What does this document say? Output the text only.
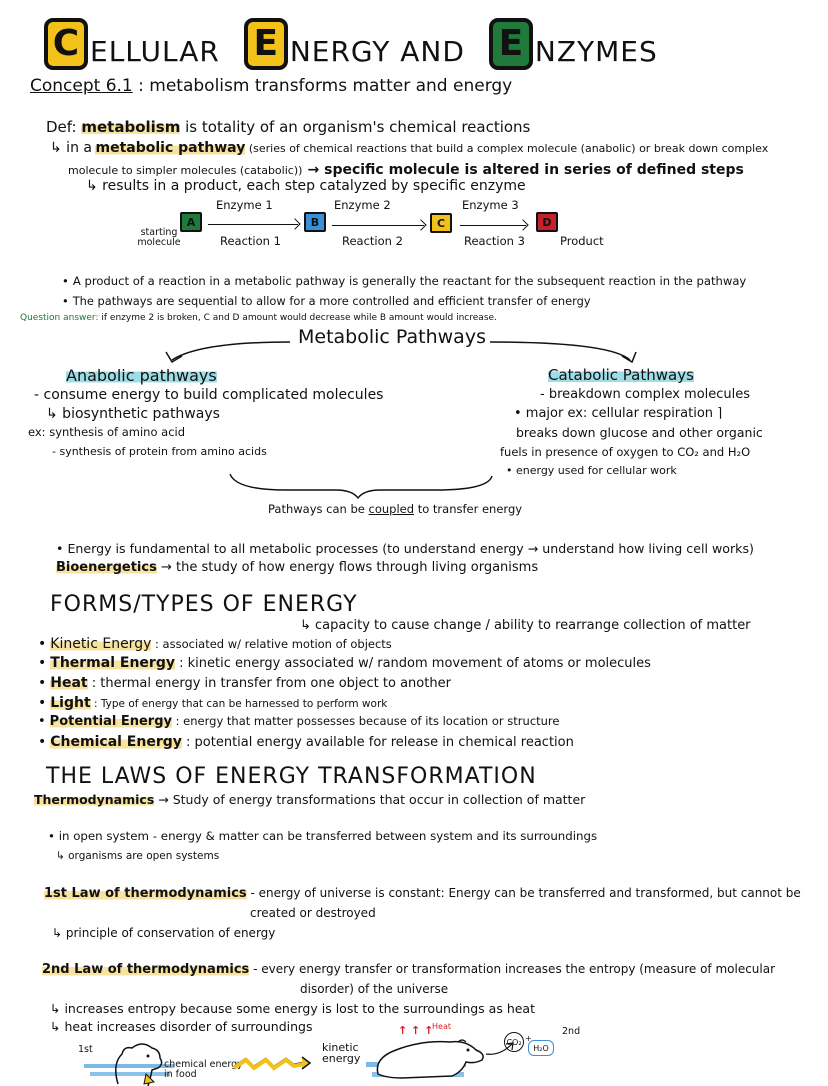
C ELLULAR E NERGY AND E NZYMES
Concept 6.1 : metabolism transforms matter and energy
Def: metabolism is totality of an organism's chemical reactions
↳ in a metabolic pathway (series of chemical reactions that build a complex molecule (anabolic) or break down complex
molecule to simpler molecules (catabolic)) → specific molecule is altered in series of defined steps
↳ results in a product, each step catalyzed by specific enzyme
Enzyme 1	Enzyme 2	Enzyme 3
A	B	C	D
starting molecule	Reaction 1	Reaction 2	Reaction 3	Product
• A product of a reaction in a metabolic pathway is generally the reactant for the subsequent reaction in the pathway
• The pathways are sequential to allow for a more controlled and efficient transfer of energy
Question answer: if enzyme 2 is broken, C and D amount would decrease while B amount would increase.
Metabolic Pathways
Anabolic pathways
- consume energy to build complicated molecules
↳ biosynthetic pathways
ex: synthesis of amino acid
- synthesis of protein from amino acids
Catabolic Pathways
- breakdown complex molecules
• major ex: cellular respiration ⌉
breaks down glucose and other organic
fuels in presence of oxygen to CO₂ and H₂O
• energy used for cellular work
Pathways can be coupled to transfer energy
• Energy is fundamental to all metabolic processes (to understand energy → understand how living cell works)
Bioenergetics → the study of how energy flows through living organisms
FORMS/TYPES OF ENERGY
↳ capacity to cause change / ability to rearrange collection of matter
• Kinetic Energy : associated w/ relative motion of objects
• Thermal Energy : kinetic energy associated w/ random movement of atoms or molecules
• Heat : thermal energy in transfer from one object to another
• Light : Type of energy that can be harnessed to perform work
• Potential Energy : energy that matter possesses because of its location or structure
• Chemical Energy : potential energy available for release in chemical reaction
THE LAWS OF ENERGY TRANSFORMATION
Thermodynamics → Study of energy transformations that occur in collection of matter
• in open system - energy & matter can be transferred between system and its surroundings
↳ organisms are open systems
1st Law of thermodynamics - energy of universe is constant: Energy can be transferred and transformed, but cannot be
created or destroyed
↳ principle of conservation of energy
2nd Law of thermodynamics - every energy transfer or transformation increases the entropy (measure of molecular
disorder) of the universe
↳ increases entropy because some energy is lost to the surroundings as heat
↳ heat increases disorder of surroundings
1st
chemical energy in food
kinetic energy
↑ ↑ ↑
Heat
CO₂ +
H₂O
2nd
